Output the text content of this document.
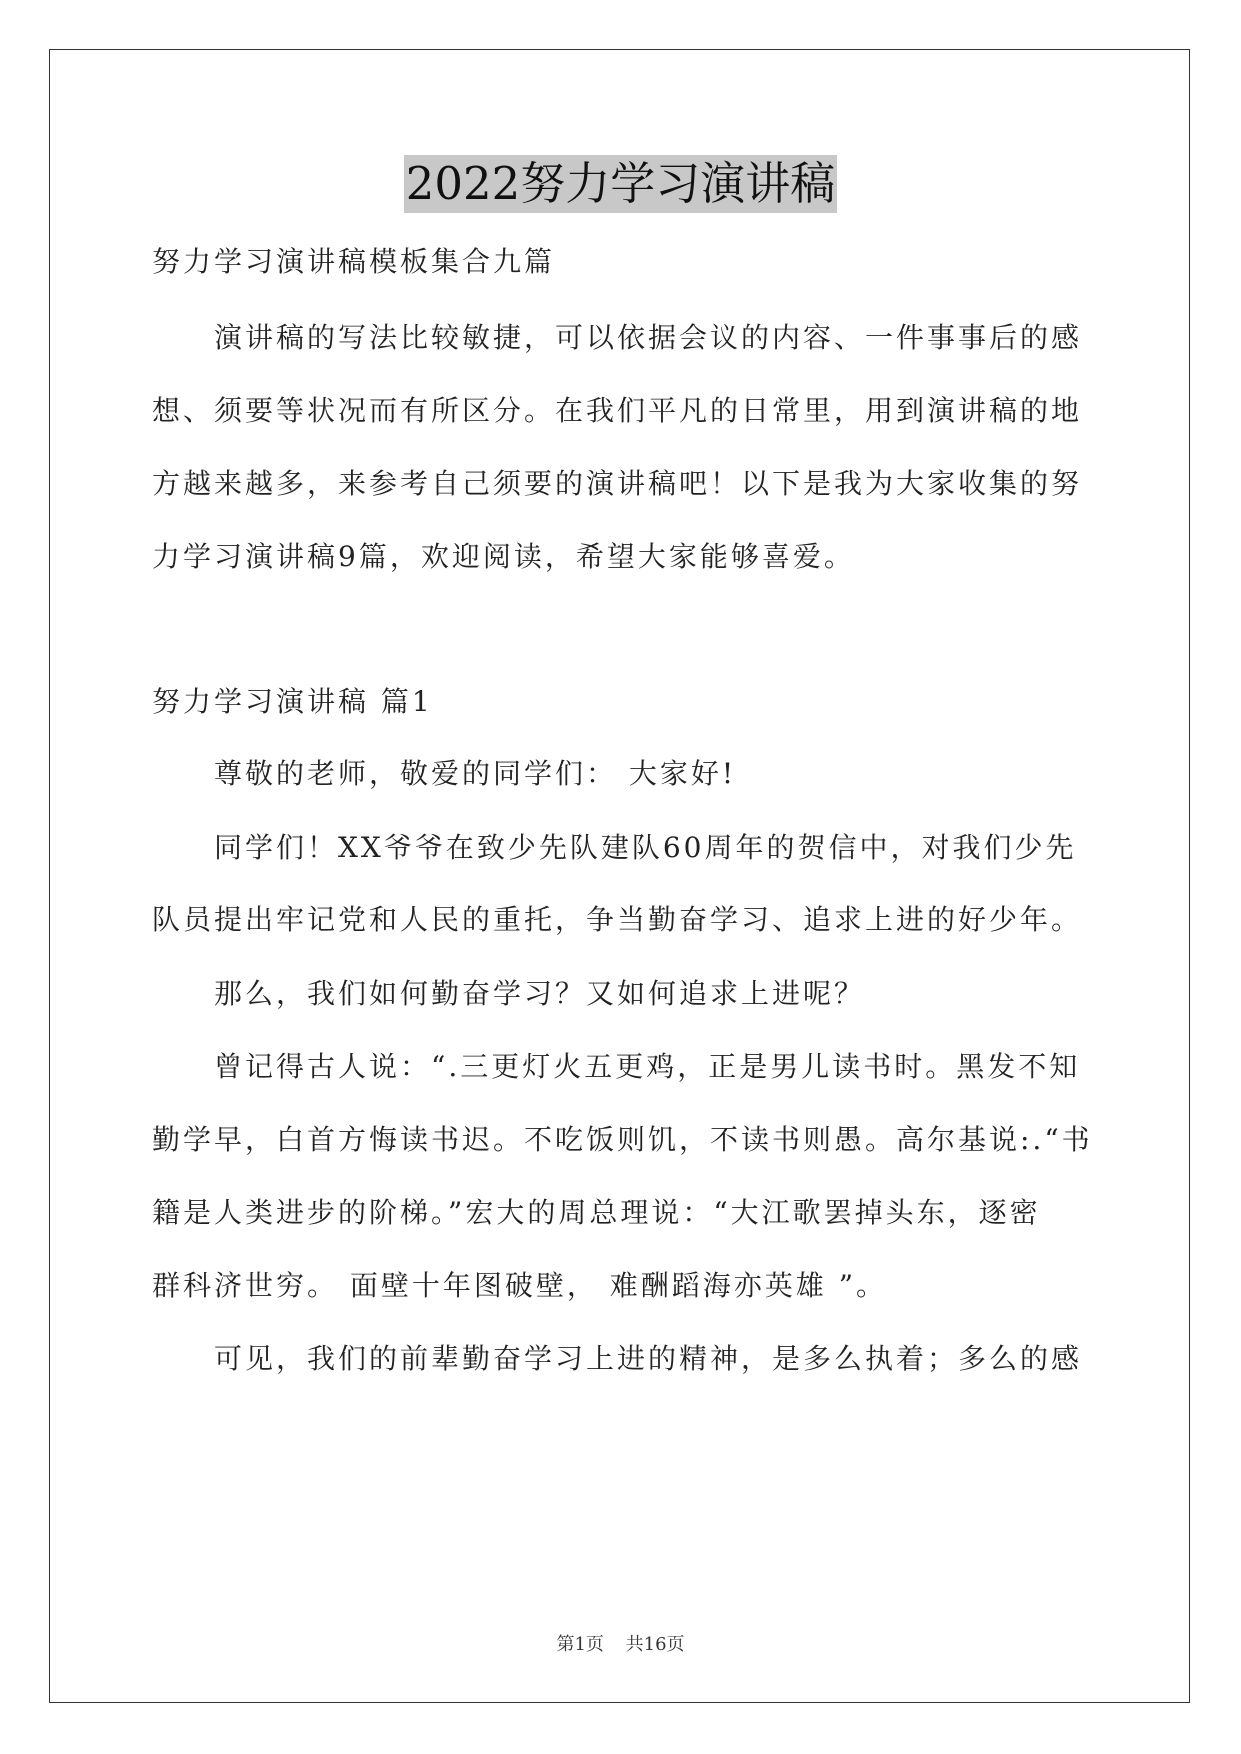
2022努力学习演讲稿
努力学习演讲稿模板集合九篇
演讲稿的写法比较敏捷，可以依据会议的内容、一件事事后的感
想、须要等状况而有所区分。在我们平凡的日常里，用到演讲稿的地
方越来越多，来参考自己须要的演讲稿吧！以下是我为大家收集的努
力学习演讲稿9篇，欢迎阅读，希望大家能够喜爱。
努力学习演讲稿 篇1
尊敬的老师，敬爱的同学们： 大家好!
同学们！XX爷爷在致少先队建队60周年的贺信中，对我们少先
队员提出牢记党和人民的重托，争当勤奋学习、追求上进的好少年。
那么，我们如何勤奋学习？又如何追求上进呢？
曾记得古人说：“.三更灯火五更鸡，正是男儿读书时。黑发不知
勤学早，白首方悔读书迟。不吃饭则饥，不读书则愚。高尔基说:.“书
籍是人类进步的阶梯。”宏大的周总理说：“大江歌罢掉头东，逐密
群科济世穷。 面壁十年图破壁， 难酬蹈海亦英雄 ”。
可见，我们的前辈勤奋学习上进的精神，是多么执着；多么的感
第1页 共16页
